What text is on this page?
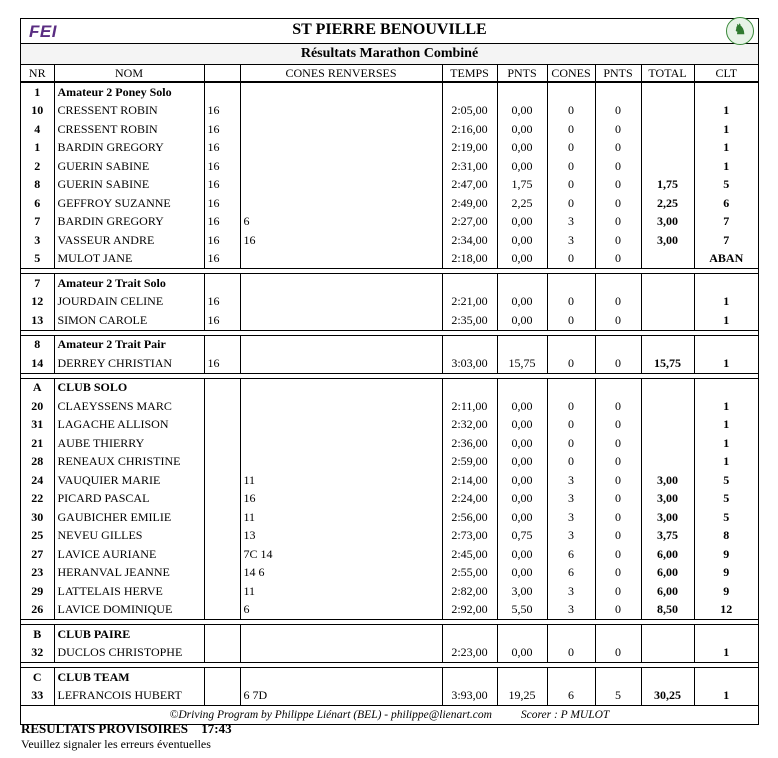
FEI	ST PIERRE BENOUVILLE	♞
Résultats Marathon Combiné
NR	NOM		CONES RENVERSES	TEMPS	PNTS	CONES	PNTS	TOTAL	CLT
1	Amateur 2 Poney Solo								
10	CRESSENT ROBIN	16		2:05,00	0,00	0	0		1
4	CRESSENT ROBIN	16		2:16,00	0,00	0	0		1
1	BARDIN GREGORY	16		2:19,00	0,00	0	0		1
2	GUERIN SABINE	16		2:31,00	0,00	0	0		1
8	GUERIN SABINE	16		2:47,00	1,75	0	0	1,75	5
6	GEFFROY SUZANNE	16		2:49,00	2,25	0	0	2,25	6
7	BARDIN GREGORY	16	6	2:27,00	0,00	3	0	3,00	7
3	VASSEUR ANDRE	16	16	2:34,00	0,00	3	0	3,00	7
5	MULOT JANE	16		2:18,00	0,00	0	0		ABAN

7	Amateur 2 Trait Solo								
12	JOURDAIN CELINE	16		2:21,00	0,00	0	0		1
13	SIMON CAROLE	16		2:35,00	0,00	0	0		1

8	Amateur 2 Trait Pair								
14	DERREY CHRISTIAN	16		3:03,00	15,75	0	0	15,75	1

A	CLUB SOLO								
20	CLAEYSSENS MARC			2:11,00	0,00	0	0		1
31	LAGACHE ALLISON			2:32,00	0,00	0	0		1
21	AUBE THIERRY			2:36,00	0,00	0	0		1
28	RENEAUX CHRISTINE			2:59,00	0,00	0	0		1
24	VAUQUIER MARIE		11	2:14,00	0,00	3	0	3,00	5
22	PICARD PASCAL		16	2:24,00	0,00	3	0	3,00	5
30	GAUBICHER EMILIE		11	2:56,00	0,00	3	0	3,00	5
25	NEVEU GILLES		13	2:73,00	0,75	3	0	3,75	8
27	LAVICE AURIANE		7C 14	2:45,00	0,00	6	0	6,00	9
23	HERANVAL JEANNE		14 6	2:55,00	0,00	6	0	6,00	9
29	LATTELAIS HERVE		11	2:82,00	3,00	3	0	6,00	9
26	LAVICE DOMINIQUE		6	2:92,00	5,50	3	0	8,50	12

B	CLUB PAIRE								
32	DUCLOS CHRISTOPHE			2:23,00	0,00	0	0		1

C	CLUB TEAM								
33	LEFRANCOIS HUBERT		6 7D	3:93,00	19,25	6	5	30,25	1
©Driving Program by Philippe Liénart (BEL) - philippe@lienart.com	Scorer : P MULOT
RESULTATS PROVISOIRES 17:43
Veuillez signaler les erreurs éventuelles
